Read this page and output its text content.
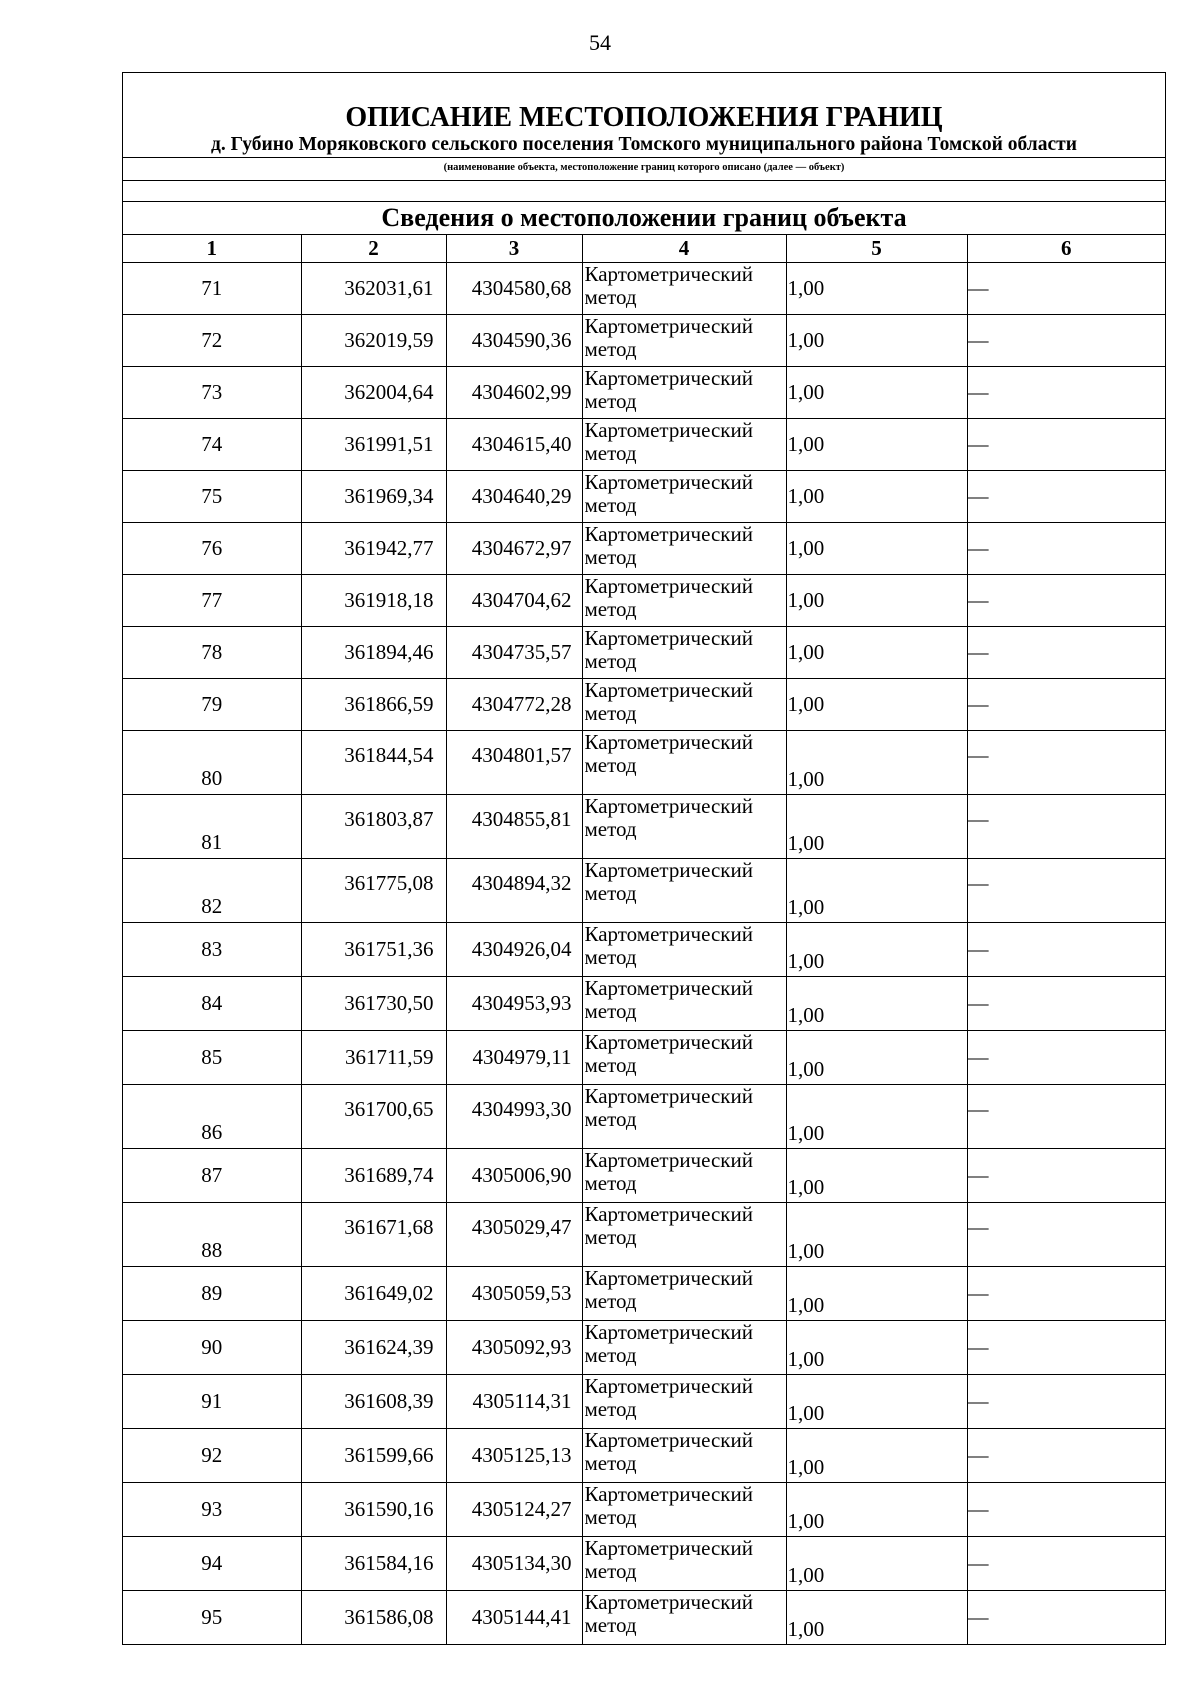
54
ОПИСАНИЕ МЕСТОПОЛОЖЕНИЯ ГРАНИЦ
д. Губино Моряковского сельского поселения Томского муниципального района Томской области
(наименование объекта, местоположение границ которого описано (далее — объект)
Сведения о местоположении границ объекта
1	2	3	4	5	6
71	362031,61	4304580,68	Картометрический метод	1,00	—
72	362019,59	4304590,36	Картометрический метод	1,00	—
73	362004,64	4304602,99	Картометрический метод	1,00	—
74	361991,51	4304615,40	Картометрический метод	1,00	—
75	361969,34	4304640,29	Картометрический метод	1,00	—
76	361942,77	4304672,97	Картометрический метод	1,00	—
77	361918,18	4304704,62	Картометрический метод	1,00	—
78	361894,46	4304735,57	Картометрический метод	1,00	—
79	361866,59	4304772,28	Картометрический метод	1,00	—
80	361844,54	4304801,57	Картометрический метод	1,00	—
81	361803,87	4304855,81	Картометрический метод	1,00	—
82	361775,08	4304894,32	Картометрический метод	1,00	—
83	361751,36	4304926,04	Картометрический метод	1,00	—
84	361730,50	4304953,93	Картометрический метод	1,00	—
85	361711,59	4304979,11	Картометрический метод	1,00	—
86	361700,65	4304993,30	Картометрический метод	1,00	—
87	361689,74	4305006,90	Картометрический метод	1,00	—
88	361671,68	4305029,47	Картометрический метод	1,00	—
89	361649,02	4305059,53	Картометрический метод	1,00	—
90	361624,39	4305092,93	Картометрический метод	1,00	—
91	361608,39	4305114,31	Картометрический метод	1,00	—
92	361599,66	4305125,13	Картометрический метод	1,00	—
93	361590,16	4305124,27	Картометрический метод	1,00	—
94	361584,16	4305134,30	Картометрический метод	1,00	—
95	361586,08	4305144,41	Картометрический метод	1,00	—
